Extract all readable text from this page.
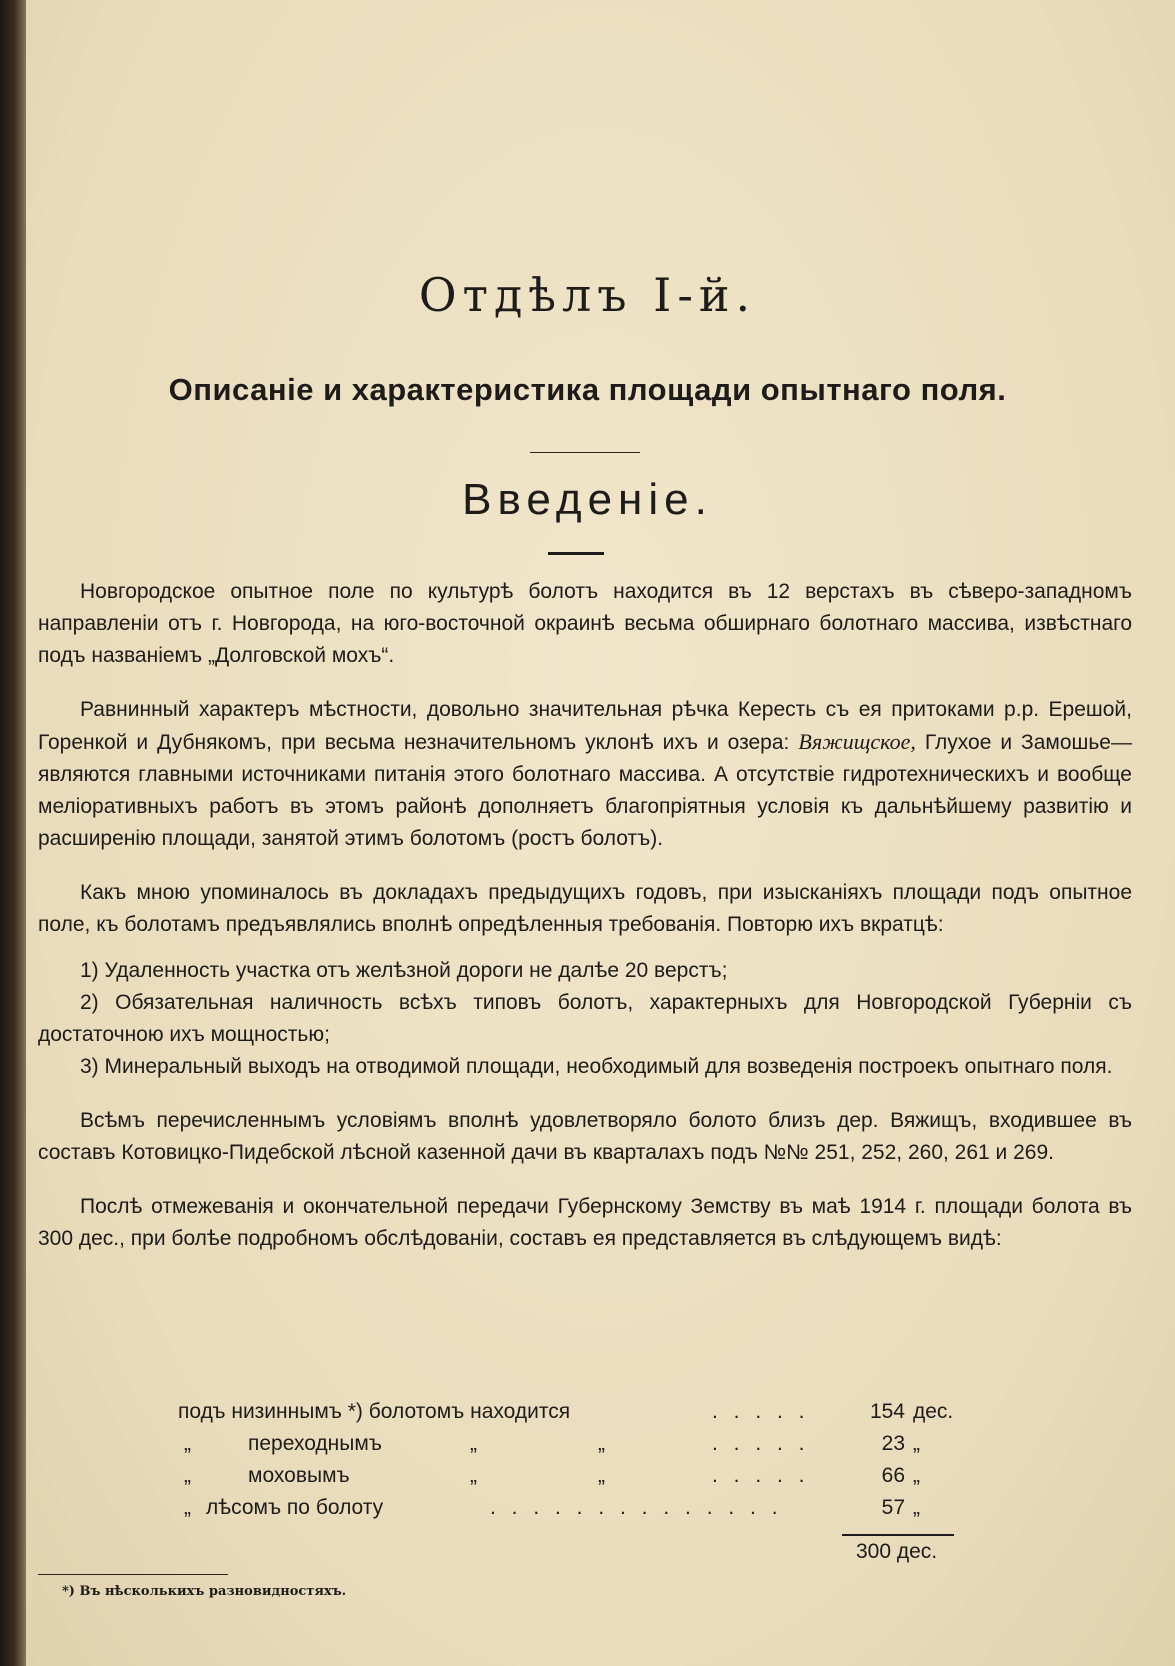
Отдѣлъ I-й.
Описаніе и характеристика площади опытнаго поля.
Введеніе.

Новгородское опытное поле по культурѣ болотъ находится въ 12 верстахъ въ сѣверо-западномъ направленіи отъ г. Новгорода, на юго-восточной окраинѣ весьма обширнаго болотнаго массива, извѣстнаго подъ названіемъ „Долговской мохъ“.

Равнинный характеръ мѣстности, довольно значительная рѣчка Кересть съ ея притоками р.р. Ерешой, Горенкой и Дубнякомъ, при весьма незначительномъ уклонѣ ихъ и озера: Вяжищское, Глухое и Замошье—являются главными источниками питанія этого болотнаго массива. А отсутствіе гидротехническихъ и вообще меліоративныхъ работъ въ этомъ районѣ дополняетъ благопріятныя условія къ дальнѣйшему развитію и расширенію площади, занятой этимъ болотомъ (ростъ болотъ).

Какъ мною упоминалось въ докладахъ предыдущихъ годовъ, при изысканіяхъ площади подъ опытное поле, къ болотамъ предъявлялись вполнѣ опредѣленныя требованія. Повторю ихъ вкратцѣ:

1) Удаленность участка отъ желѣзной дороги не далѣе 20 верстъ;

2) Обязательная наличность всѣхъ типовъ болотъ, характерныхъ для Новгородской Губерніи съ достаточною ихъ мощностью;

3) Минеральный выходъ на отводимой площади, необходимый для возведенія построекъ опытнаго поля.

Всѣмъ перечисленнымъ условіямъ вполнѣ удовлетворяло болото близъ дер. Вяжищъ, входившее въ составъ Котовицко-Пидебской лѣсной казенной дачи въ кварталахъ подъ №№ 251, 252, 260, 261 и 269.

Послѣ отмежеванія и окончательной передачи Губернскому Земству въ маѣ 1914 г. площади болота въ 300 дес., при болѣе подробномъ обслѣдованіи, составъ ея представляется въ слѣдующемъ видѣ:

подъ низиннымъ *) болотомъ находится	. . . . .	154 дес.
„	переходнымъ	„	„	. . . . .	23 „
„	моховымъ	„	„	. . . . .	66 „
„ лѣсомъ по болоту	. . . . . . . . . . . . . .	57 „
300 дес.
*) Въ нѣсколькихъ разновидностяхъ.
